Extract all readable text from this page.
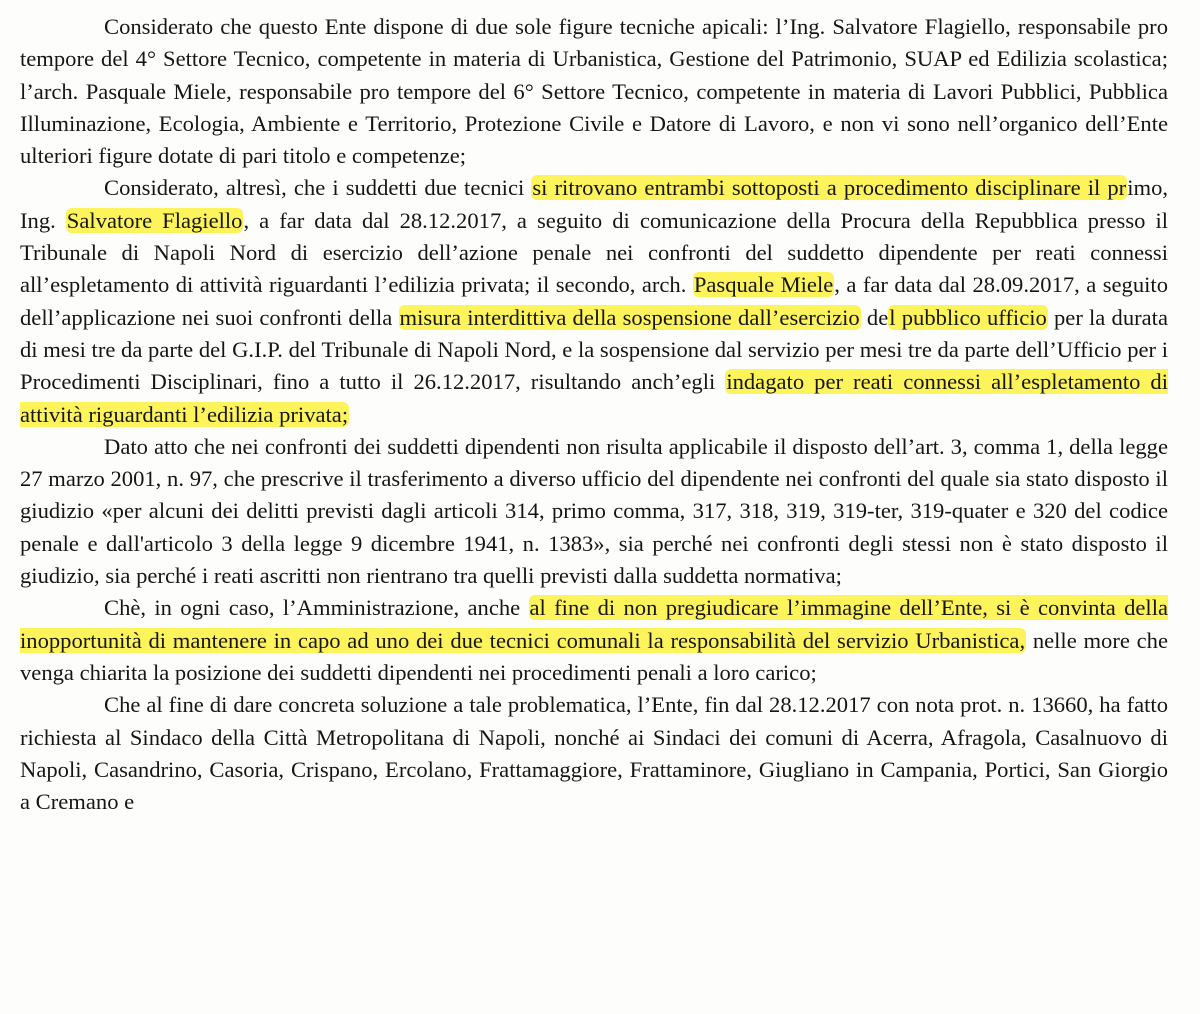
Considerato che questo Ente dispone di due sole figure tecniche apicali: l’Ing. Salvatore Flagiello, responsabile pro tempore del 4° Settore Tecnico, competente in materia di Urbanistica, Gestione del Patrimonio, SUAP ed Edilizia scolastica; l’arch. Pasquale Miele, responsabile pro tempore del 6° Settore Tecnico, competente in materia di Lavori Pubblici, Pubblica Illuminazione, Ecologia, Ambiente e Territorio, Protezione Civile e Datore di Lavoro, e non vi sono nell’organico dell’Ente ulteriori figure dotate di pari titolo e competenze;

Considerato, altresì, che i suddetti due tecnici si ritrovano entrambi sottoposti a procedimento disciplinare il primo, Ing. Salvatore Flagiello, a far data dal 28.12.2017, a seguito di comunicazione della Procura della Repubblica presso il Tribunale di Napoli Nord di esercizio dell’azione penale nei confronti del suddetto dipendente per reati connessi all’espletamento di attività riguardanti l’edilizia privata; il secondo, arch. Pasquale Miele, a far data dal 28.09.2017, a seguito dell’applicazione nei suoi confronti della misura interdittiva della sospensione dall’esercizio del pubblico ufficio per la durata di mesi tre da parte del G.I.P. del Tribunale di Napoli Nord, e la sospensione dal servizio per mesi tre da parte dell’Ufficio per i Procedimenti Disciplinari, fino a tutto il 26.12.2017, risultando anch’egli indagato per reati connessi all’espletamento di attività riguardanti l’edilizia privata;

Dato atto che nei confronti dei suddetti dipendenti non risulta applicabile il disposto dell’art. 3, comma 1, della legge 27 marzo 2001, n. 97, che prescrive il trasferimento a diverso ufficio del dipendente nei confronti del quale sia stato disposto il giudizio «per alcuni dei delitti previsti dagli articoli 314, primo comma, 317, 318, 319, 319-ter, 319-quater e 320 del codice penale e dall'articolo 3 della legge 9 dicembre 1941, n. 1383», sia perché nei confronti degli stessi non è stato disposto il giudizio, sia perché i reati ascritti non rientrano tra quelli previsti dalla suddetta normativa;

Chè, in ogni caso, l’Amministrazione, anche al fine di non pregiudicare l’immagine dell’Ente, si è convinta della inopportunità di mantenere in capo ad uno dei due tecnici comunali la responsabilità del servizio Urbanistica, nelle more che venga chiarita la posizione dei suddetti dipendenti nei procedimenti penali a loro carico;

Che al fine di dare concreta soluzione a tale problematica, l’Ente, fin dal 28.12.2017 con nota prot. n. 13660, ha fatto richiesta al Sindaco della Città Metropolitana di Napoli, nonché ai Sindaci dei comuni di Acerra, Afragola, Casalnuovo di Napoli, Casandrino, Casoria, Crispano, Ercolano, Frattamaggiore, Frattaminore, Giugliano in Campania, Portici, San Giorgio a Cremano e
